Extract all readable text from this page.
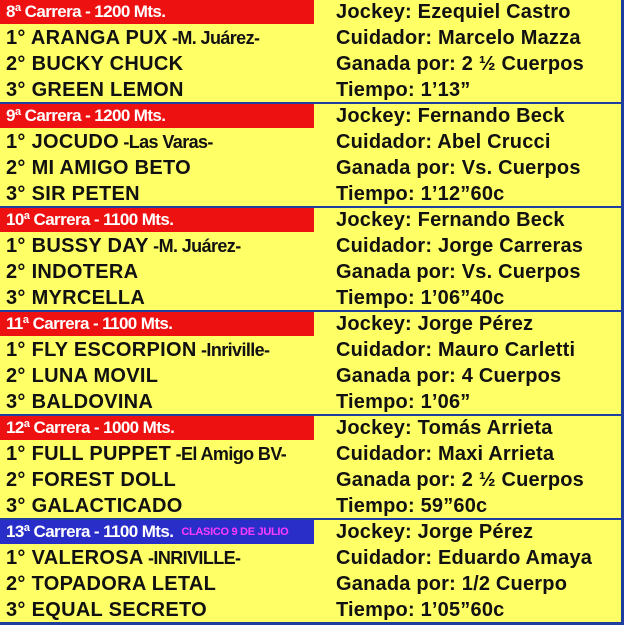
8ª Carrera - 1200 Mts.
1° ARANGA PUX -M. Juárez-
2° BUCKY CHUCK
3° GREEN LEMON
Jockey: Ezequiel Castro
Cuidador: Marcelo Mazza
Ganada por: 2 ½ Cuerpos
Tiempo: 1’13”
9ª Carrera - 1200 Mts.
1° JOCUDO -Las Varas-
2° MI AMIGO BETO
3° SIR PETEN
Jockey: Fernando Beck
Cuidador: Abel Crucci
Ganada por: Vs. Cuerpos
Tiempo: 1’12”60c
10ª Carrera - 1100 Mts.
1° BUSSY DAY -M. Juárez-
2° INDOTERA
3° MYRCELLA
Jockey: Fernando Beck
Cuidador: Jorge Carreras
Ganada por: Vs. Cuerpos
Tiempo: 1’06”40c
11ª Carrera - 1100 Mts.
1° FLY ESCORPION -Inriville-
2° LUNA MOVIL
3° BALDOVINA
Jockey: Jorge Pérez
Cuidador: Mauro Carletti
Ganada por: 4 Cuerpos
Tiempo: 1’06”
12ª Carrera - 1000 Mts.
1° FULL PUPPET -El Amigo BV-
2° FOREST DOLL
3° GALACTICADO
Jockey: Tomás Arrieta
Cuidador: Maxi Arrieta
Ganada por: 2 ½ Cuerpos
Tiempo: 59”60c
13ª Carrera - 1100 Mts. CLASICO 9 DE JULIO
1° VALEROSA -INRIVILLE-
2° TOPADORA LETAL
3° EQUAL SECRETO
Jockey: Jorge Pérez
Cuidador: Eduardo Amaya
Ganada por: 1/2 Cuerpo
Tiempo: 1’05”60c
